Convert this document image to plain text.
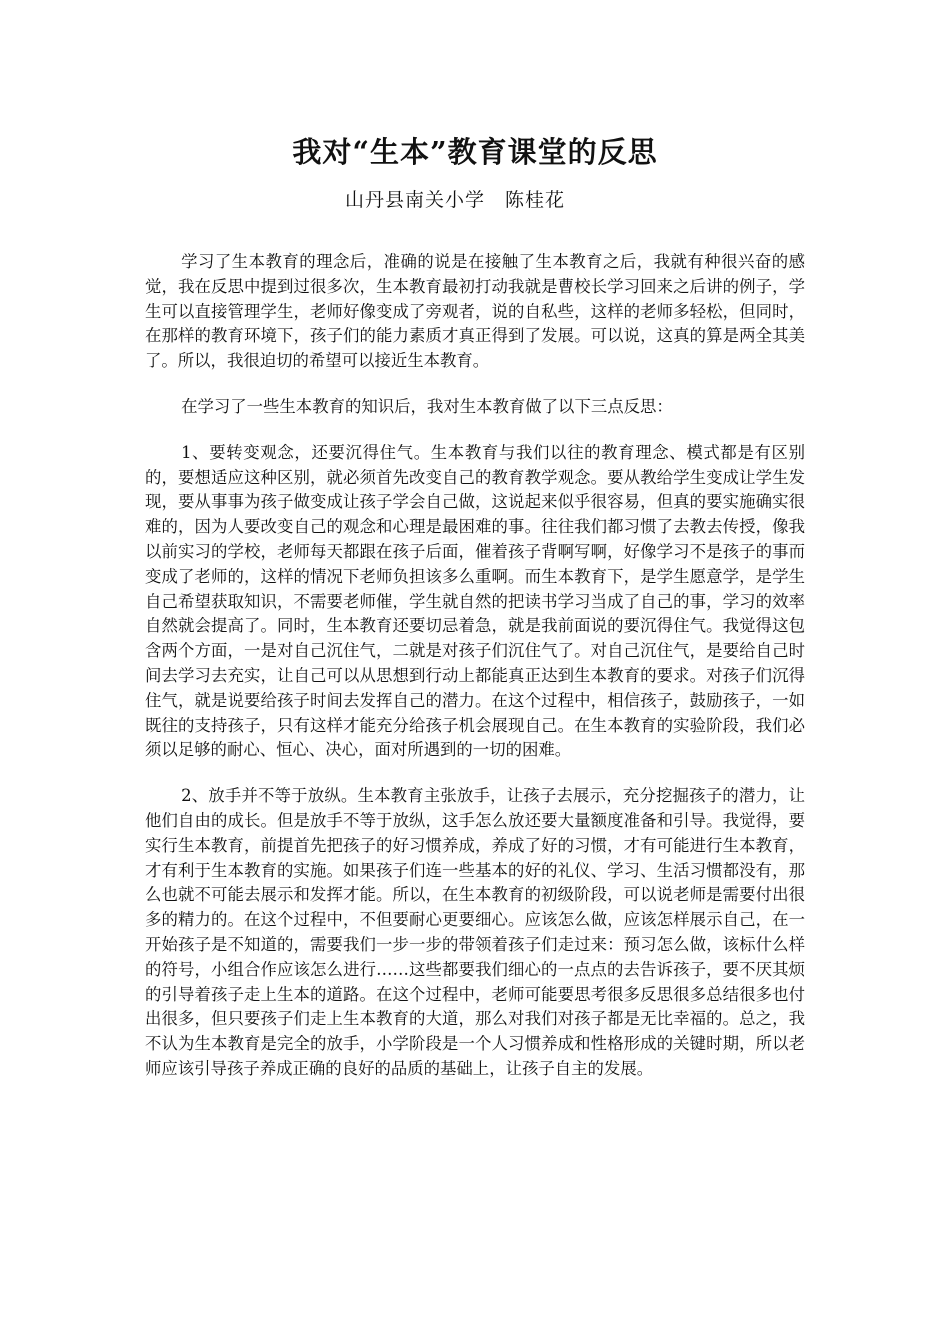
我对“生本”教育课堂的反思
山丹县南关小学 陈桂花

学习了生本教育的理念后，准确的说是在接触了生本教育之后，我就有种很兴奋的感觉，我在反思中提到过很多次，生本教育最初打动我就是曹校长学习回来之后讲的例子，学生可以直接管理学生，老师好像变成了旁观者，说的自私些，这样的老师多轻松，但同时，在那样的教育环境下，孩子们的能力素质才真正得到了发展。可以说，这真的算是两全其美了。所以，我很迫切的希望可以接近生本教育。

在学习了一些生本教育的知识后，我对生本教育做了以下三点反思：

1、要转变观念，还要沉得住气。生本教育与我们以往的教育理念、模式都是有区别的，要想适应这种区别，就必须首先改变自己的教育教学观念。要从教给学生变成让学生发现，要从事事为孩子做变成让孩子学会自己做，这说起来似乎很容易，但真的要实施确实很难的，因为人要改变自己的观念和心理是最困难的事。往往我们都习惯了去教去传授，像我以前实习的学校，老师每天都跟在孩子后面，催着孩子背啊写啊，好像学习不是孩子的事而变成了老师的，这样的情况下老师负担该多么重啊。而生本教育下，是学生愿意学，是学生自己希望获取知识，不需要老师催，学生就自然的把读书学习当成了自己的事，学习的效率自然就会提高了。同时，生本教育还要切忌着急，就是我前面说的要沉得住气。我觉得这包含两个方面，一是对自己沉住气，二就是对孩子们沉住气了。对自己沉住气，是要给自己时间去学习去充实，让自己可以从思想到行动上都能真正达到生本教育的要求。对孩子们沉得住气，就是说要给孩子时间去发挥自己的潜力。在这个过程中，相信孩子，鼓励孩子，一如既往的支持孩子，只有这样才能充分给孩子机会展现自己。在生本教育的实验阶段，我们必须以足够的耐心、恒心、决心，面对所遇到的一切的困难。

2、放手并不等于放纵。生本教育主张放手，让孩子去展示，充分挖掘孩子的潜力，让他们自由的成长。但是放手不等于放纵，这手怎么放还要大量额度准备和引导。我觉得，要实行生本教育，前提首先把孩子的好习惯养成，养成了好的习惯，才有可能进行生本教育，才有利于生本教育的实施。如果孩子们连一些基本的好的礼仪、学习、生活习惯都没有，那么也就不可能去展示和发挥才能。所以，在生本教育的初级阶段，可以说老师是需要付出很多的精力的。在这个过程中，不但要耐心更要细心。应该怎么做，应该怎样展示自己，在一开始孩子是不知道的，需要我们一步一步的带领着孩子们走过来：预习怎么做，该标什么样的符号，小组合作应该怎么进行……这些都要我们细心的一点点的去告诉孩子，要不厌其烦的引导着孩子走上生本的道路。在这个过程中，老师可能要思考很多反思很多总结很多也付出很多，但只要孩子们走上生本教育的大道，那么对我们对孩子都是无比幸福的。总之，我不认为生本教育是完全的放手，小学阶段是一个人习惯养成和性格形成的关键时期，所以老师应该引导孩子养成正确的良好的品质的基础上，让孩子自主的发展。
